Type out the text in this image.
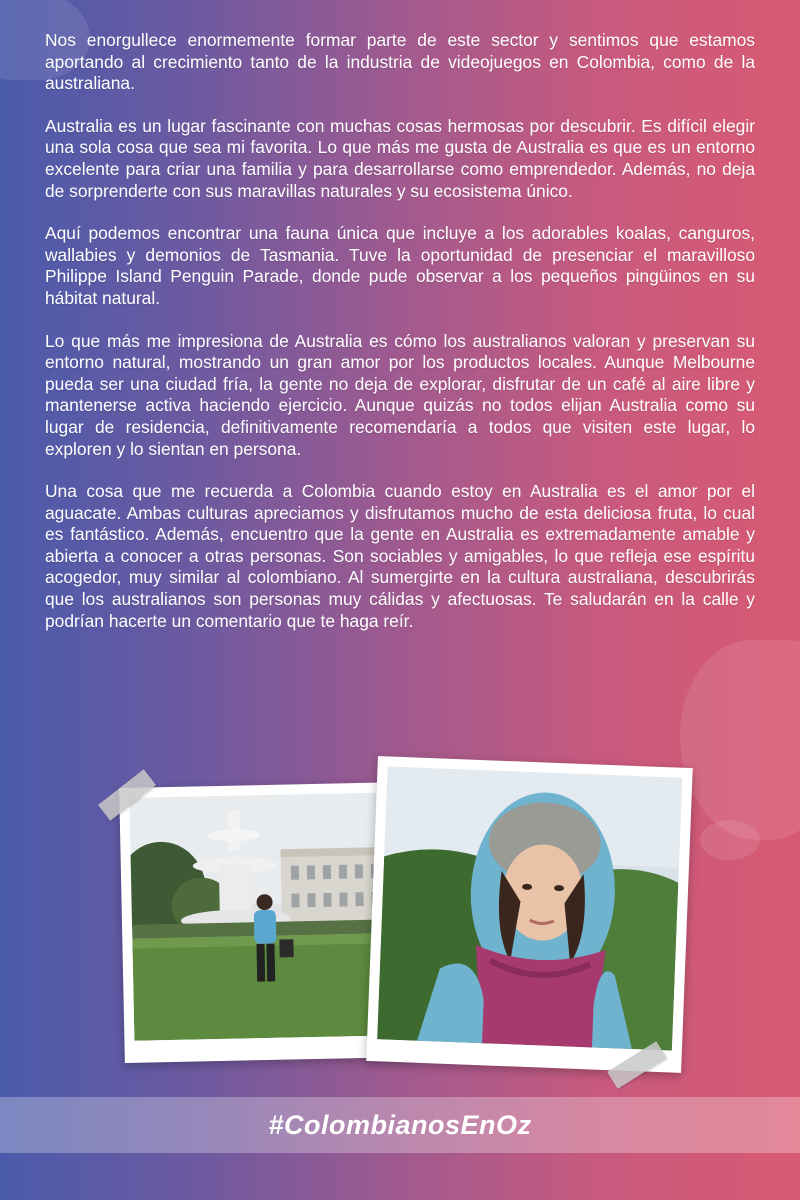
Nos enorgullece enormemente formar parte de este sector y sentimos que estamos aportando al crecimiento tanto de la industria de videojuegos en Colombia, como de la australiana.

Australia es un lugar fascinante con muchas cosas hermosas por descubrir. Es difícil elegir una sola cosa que sea mi favorita. Lo que más me gusta de Australia es que es un entorno excelente para criar una familia y para desarrollarse como emprendedor. Además, no deja de sorprenderte con sus maravillas naturales y su ecosistema único.

Aquí podemos encontrar una fauna única que incluye a los adorables koalas, canguros, wallabies y demonios de Tasmania. Tuve la oportunidad de presenciar el maravilloso Philippe Island Penguin Parade, donde pude observar a los pequeños pingüinos en su hábitat natural.

Lo que más me impresiona de Australia es cómo los australianos valoran y preservan su entorno natural, mostrando un gran amor por los productos locales. Aunque Melbourne pueda ser una ciudad fría, la gente no deja de explorar, disfrutar de un café al aire libre y mantenerse activa haciendo ejercicio. Aunque quizás no todos elijan Australia como su lugar de residencia, definitivamente recomendaría a todos que visiten este lugar, lo exploren y lo sientan en persona.

Una cosa que me recuerda a Colombia cuando estoy en Australia es el amor por el aguacate. Ambas culturas apreciamos y disfrutamos mucho de esta deliciosa fruta, lo cual es fantástico. Además, encuentro que la gente en Australia es extremadamente amable y abierta a conocer a otras personas. Son sociables y amigables, lo que refleja ese espíritu acogedor, muy similar al colombiano. Al sumergirte en la cultura australiana, descubrirás que los australianos son personas muy cálidas y afectuosas. Te saludarán en la calle y podrían hacerte un comentario que te haga reír.

#ColombianosEnOz
